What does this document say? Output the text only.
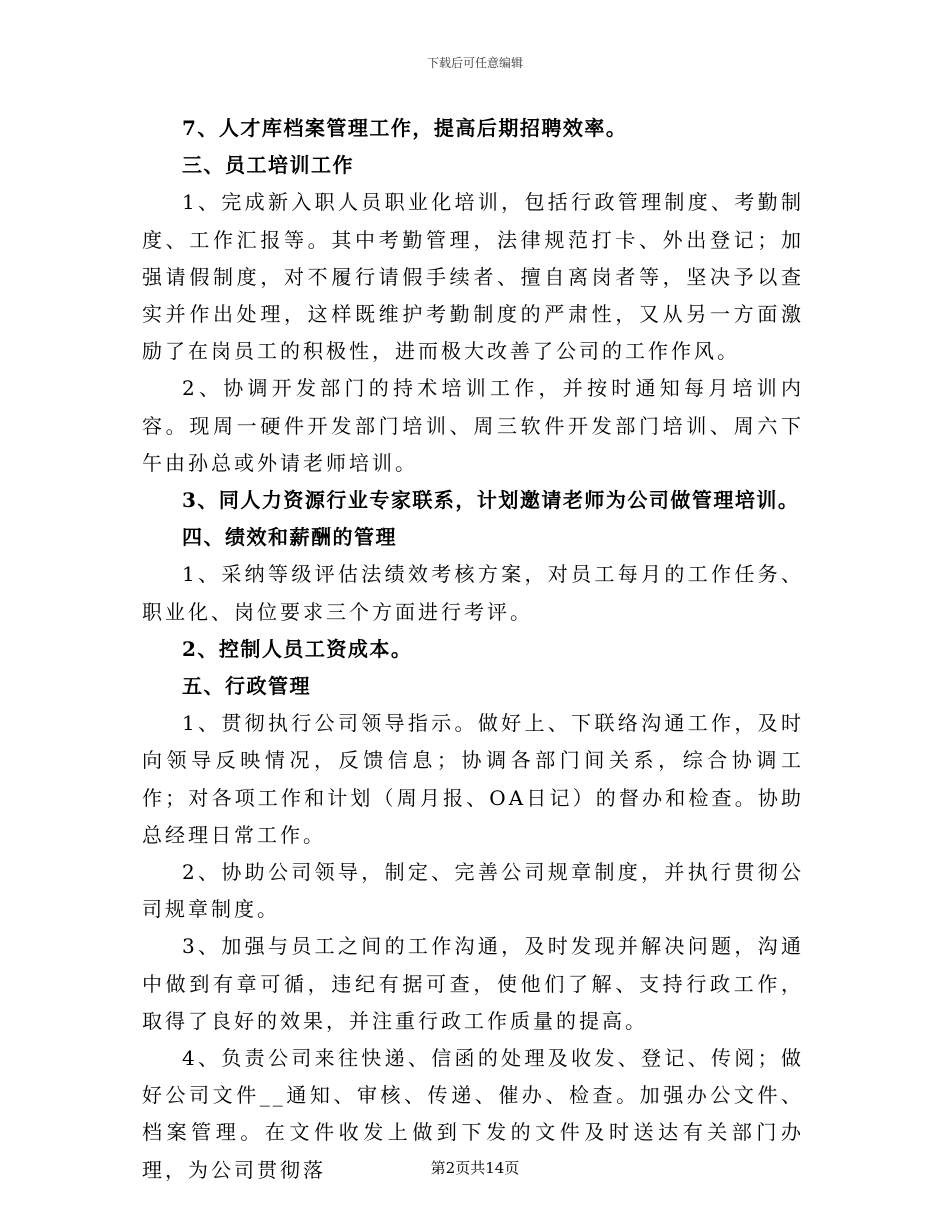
下载后可任意编辑

7、人才库档案管理工作，提高后期招聘效率。

三、员工培训工作

1、完成新入职人员职业化培训，包括行政管理制度、考勤制度、工作汇报等。其中考勤管理，法律规范打卡、外出登记；加强请假制度，对不履行请假手续者、擅自离岗者等，坚决予以查实并作出处理，这样既维护考勤制度的严肃性，又从另一方面激励了在岗员工的积极性，进而极大改善了公司的工作作风。

2、协调开发部门的持术培训工作，并按时通知每月培训内容。现周一硬件开发部门培训、周三软件开发部门培训、周六下午由孙总或外请老师培训。

3、同人力资源行业专家联系，计划邀请老师为公司做管理培训。

四、绩效和薪酬的管理

1、采纳等级评估法绩效考核方案，对员工每月的工作任务、职业化、岗位要求三个方面进行考评。

2、控制人员工资成本。

五、行政管理

1、贯彻执行公司领导指示。做好上、下联络沟通工作，及时向领导反映情况，反馈信息；协调各部门间关系，综合协调工作；对各项工作和计划（周月报、OA日记）的督办和检查。协助总经理日常工作。

2、协助公司领导，制定、完善公司规章制度，并执行贯彻公司规章制度。

3、加强与员工之间的工作沟通，及时发现并解决问题，沟通中做到有章可循，违纪有据可查，使他们了解、支持行政工作，取得了良好的效果，并注重行政工作质量的提高。

4、负责公司来往快递、信函的处理及收发、登记、传阅；做好公司文件__通知、审核、传递、催办、检查。加强办公文件、档案管理。在文件收发上做到下发的文件及时送达有关部门办理，为公司贯彻落	第2页共14页
